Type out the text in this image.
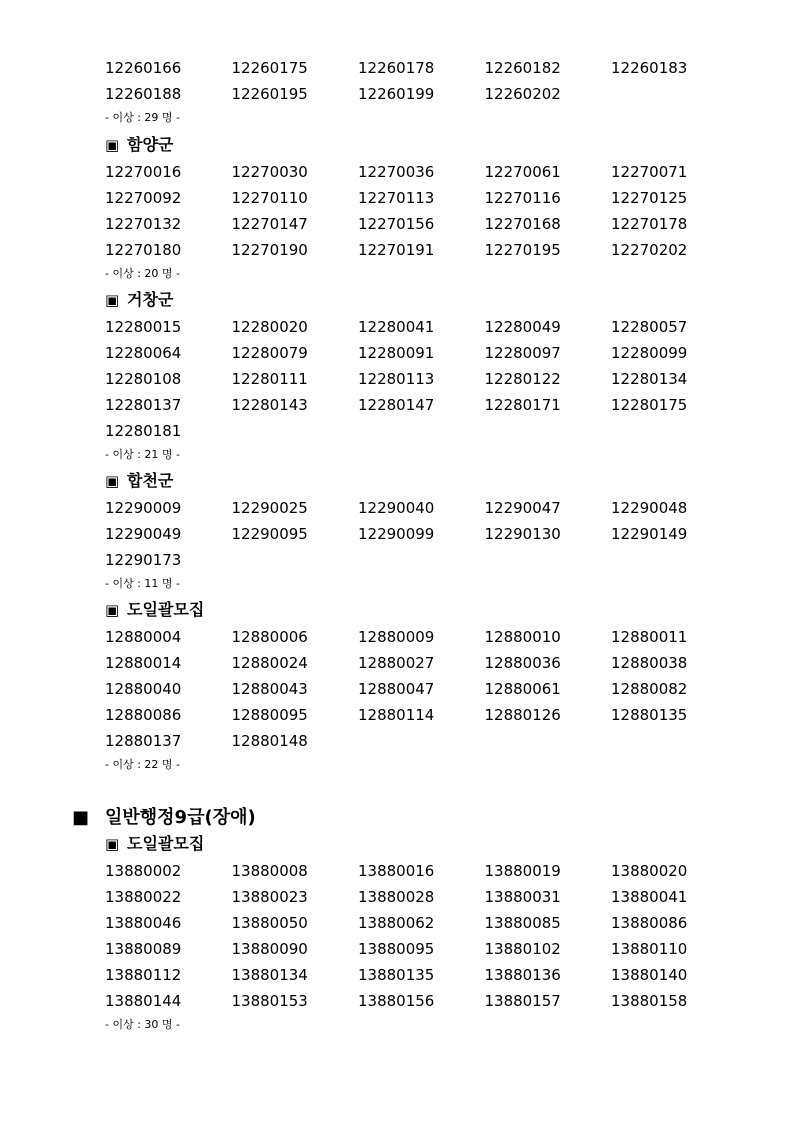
12260166	12260175	12260178	12260182	12260183
12260188	12260195	12260199	12260202
- 이상 : 29 명 -
▣ 함양군
12270016	12270030	12270036	12270061	12270071
12270092	12270110	12270113	12270116	12270125
12270132	12270147	12270156	12270168	12270178
12270180	12270190	12270191	12270195	12270202
- 이상 : 20 명 -
▣ 거창군
12280015	12280020	12280041	12280049	12280057
12280064	12280079	12280091	12280097	12280099
12280108	12280111	12280113	12280122	12280134
12280137	12280143	12280147	12280171	12280175
12280181
- 이상 : 21 명 -
▣ 합천군
12290009	12290025	12290040	12290047	12290048
12290049	12290095	12290099	12290130	12290149
12290173
- 이상 : 11 명 -
▣ 도일괄모집
12880004	12880006	12880009	12880010	12880011
12880014	12880024	12880027	12880036	12880038
12880040	12880043	12880047	12880061	12880082
12880086	12880095	12880114	12880126	12880135
12880137	12880148
- 이상 : 22 명 -
■ 일반행정9급(장애)
▣ 도일괄모집
13880002	13880008	13880016	13880019	13880020
13880022	13880023	13880028	13880031	13880041
13880046	13880050	13880062	13880085	13880086
13880089	13880090	13880095	13880102	13880110
13880112	13880134	13880135	13880136	13880140
13880144	13880153	13880156	13880157	13880158
- 이상 : 30 명 -
